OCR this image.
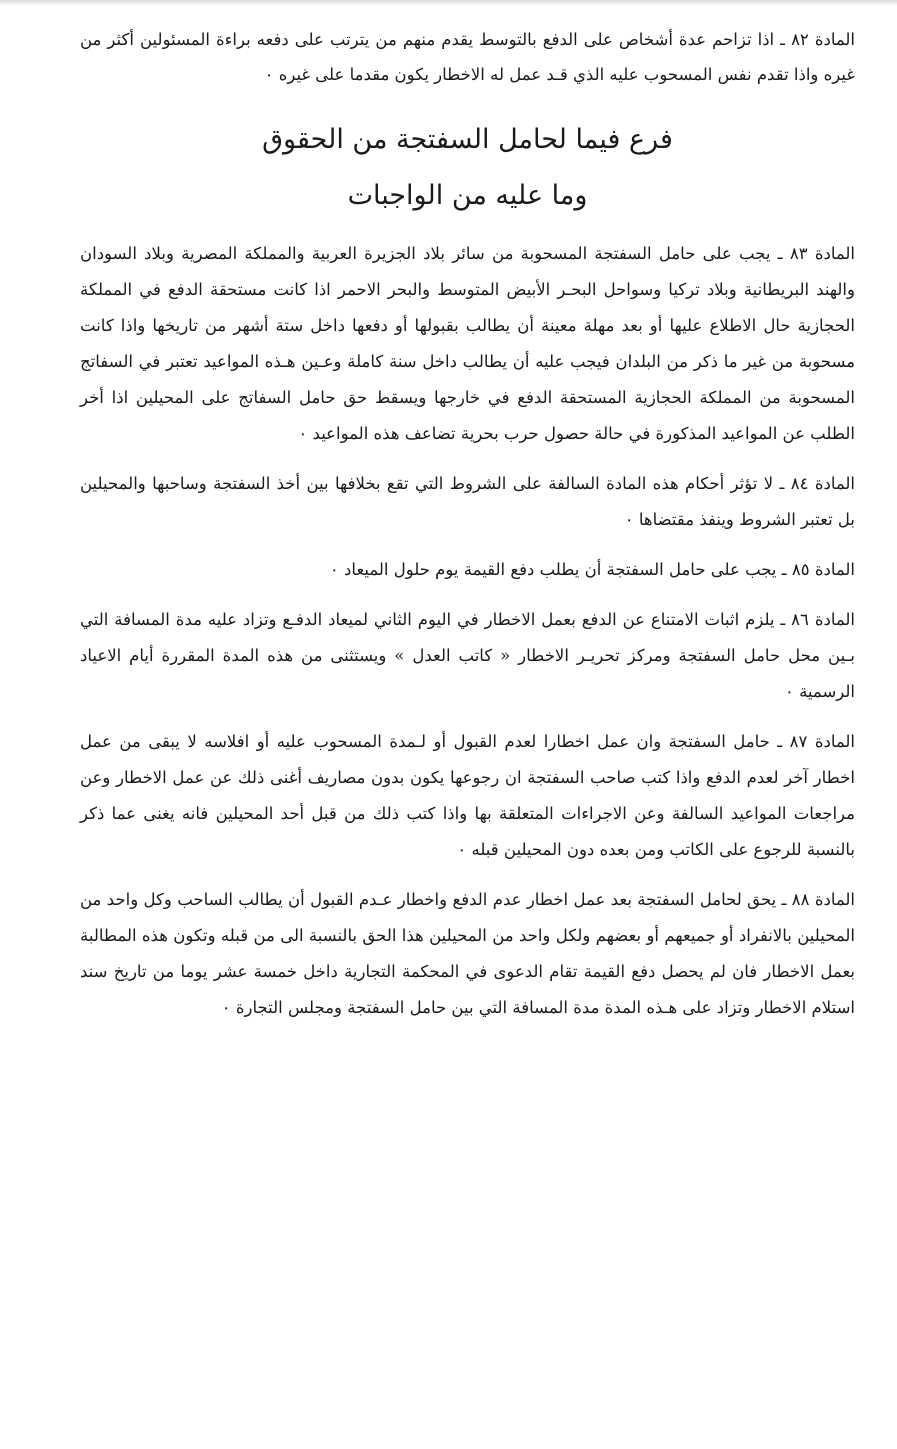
المادة ٨٢ ـ اذا تزاحم عدة أشخاص على الدفع بالتوسط يقدم منهم من يترتب على دفعه براءة المسئولين أكثر من غيره واذا تقدم نفس المسحوب عليه الذي قـد عمل له الاخطار يكون مقدما على غيره ٠

فرع فيما لحامل السفتجة من الحقوق
وما عليه من الواجبات

المادة ٨٣ ـ يجب على حامل السفتجة المسحوبة من سائر بلاد الجزيرة العربية والمملكة المصرية وبلاد السودان والهند البريطانية وبلاد تركيا وسواحل البحـر الأبيض المتوسط والبحر الاحمر اذا كانت مستحقة الدفع في المملكة الحجازية حال الاطلاع عليها أو بعد مهلة معينة أن يطالب بقبولها أو دفعها داخل ستة أشهر من تاريخها واذا كانت مسحوبة من غير ما ذكر من البلدان فيجب عليه أن يطالب داخل سنة كاملة وعـين هـذه المواعيد تعتبر في السفاتج المسحوبة من المملكة الحجازية المستحقة الدفع في خارجها ويسقط حق حامل السفاتج على المحيلين اذا أخر الطلب عن المواعيد المذكورة في حالة حصول حرب بحرية تضاعف هذه المواعيد ٠

المادة ٨٤ ـ لا تؤثر أحكام هذه المادة السالفة على الشروط التي تقع بخلافها بين أخذ السفتجة وساحبها والمحيلين بل تعتبر الشروط وينفذ مقتضاها ٠

المادة ٨٥ ـ يجب على حامل السفتجة أن يطلب دفع القيمة يوم حلول الميعاد ٠

المادة ٨٦ ـ يلزم اثبات الامتناع عن الدفع بعمل الاخطار في اليوم الثاني لميعاد الدفـع وتزاد عليه مدة المسافة التي بـين محل حامل السفتجة ومركز تحريـر الاخطار « كاتب العدل » ويستثنى من هذه المدة المقررة أيام الاعياد الرسمية ٠

المادة ٨٧ ـ حامل السفتجة وان عمل اخطارا لعدم القبول أو لـمدة المسحوب عليه أو افلاسه لا يبقى من عمل اخطار آخر لعدم الدفع واذا كتب صاحب السفتجة ان رجوعها يكون بدون مصاريف أغنى ذلك عن عمل الاخطار وعن مراجعات المواعيد السالفة وعن الاجراءات المتعلقة بها واذا كتب ذلك من قبل أحد المحيلين فانه يغنى عما ذكر بالنسبة للرجوع على الكاتب ومن بعده دون المحيلين قبله ٠

المادة ٨٨ ـ يحق لحامل السفتجة بعد عمل اخطار عدم الدفع واخطار عـدم القبول أن يطالب الساحب وكل واحد من المحيلين بالانفراد أو جميعهم أو بعضهم ولكل واحد من المحيلين هذا الحق بالنسبة الى من قبله وتكون هذه المطالبة بعمل الاخطار فان لم يحصل دفع القيمة تقام الدعوى في المحكمة التجارية داخل خمسة عشر يوما من تاريخ سند استلام الاخطار وتزاد على هـذه المدة مدة المسافة التي بين حامل السفتجة ومجلس التجارة ٠
